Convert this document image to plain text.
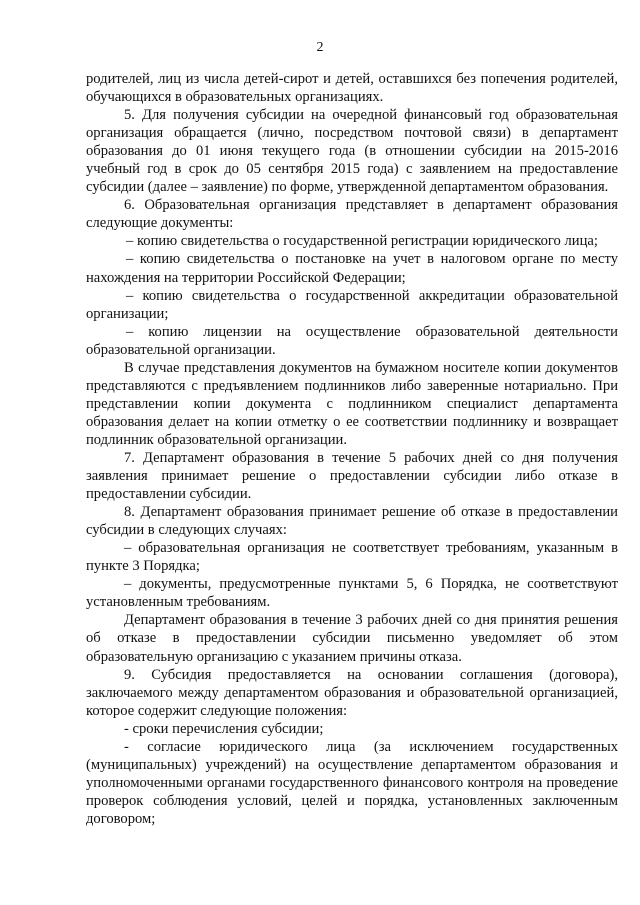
2

родителей, лиц из числа детей-сирот и детей, оставшихся без попечения родителей, обучающихся в образовательных организациях.

5. Для получения субсидии на очередной финансовый год образовательная организация обращается (лично, посредством почтовой связи) в департамент образования до 01 июня текущего года (в отношении субсидии на 2015-2016 учебный год в срок до 05 сентября 2015 года) с заявлением на предоставление субсидии (далее – заявление) по форме, утвержденной департаментом образования.

6. Образовательная организация представляет в департамент образования следующие документы:

– копию свидетельства о государственной регистрации юридического лица;

– копию свидетельства о постановке на учет в налоговом органе по месту нахождения на территории Российской Федерации;

– копию свидетельства о государственной аккредитации образовательной организации;

– копию лицензии на осуществление образовательной деятельности образовательной организации.

В случае представления документов на бумажном носителе копии документов представляются с предъявлением подлинников либо заверенные нотариально. При представлении копии документа с подлинником специалист департамента образования делает на копии отметку о ее соответствии подлиннику и возвращает подлинник образовательной организации.

7. Департамент образования в течение 5 рабочих дней со дня получения заявления принимает решение о предоставлении субсидии либо отказе в предоставлении субсидии.

8. Департамент образования принимает решение об отказе в предоставлении субсидии в следующих случаях:

– образовательная организация не соответствует требованиям, указанным в пункте 3 Порядка;

– документы, предусмотренные пунктами 5, 6 Порядка, не соответствуют установленным требованиям.

Департамент образования в течение 3 рабочих дней со дня принятия решения об отказе в предоставлении субсидии письменно уведомляет об этом образовательную организацию с указанием причины отказа.

9. Субсидия предоставляется на основании соглашения (договора), заключаемого между департаментом образования и образовательной организацией, которое содержит следующие положения:

- сроки перечисления субсидии;

- согласие юридического лица (за исключением государственных (муниципальных) учреждений) на осуществление департаментом образования и уполномоченными органами государственного финансового контроля на проведение проверок соблюдения условий, целей и порядка, установленных заключенным договором;
